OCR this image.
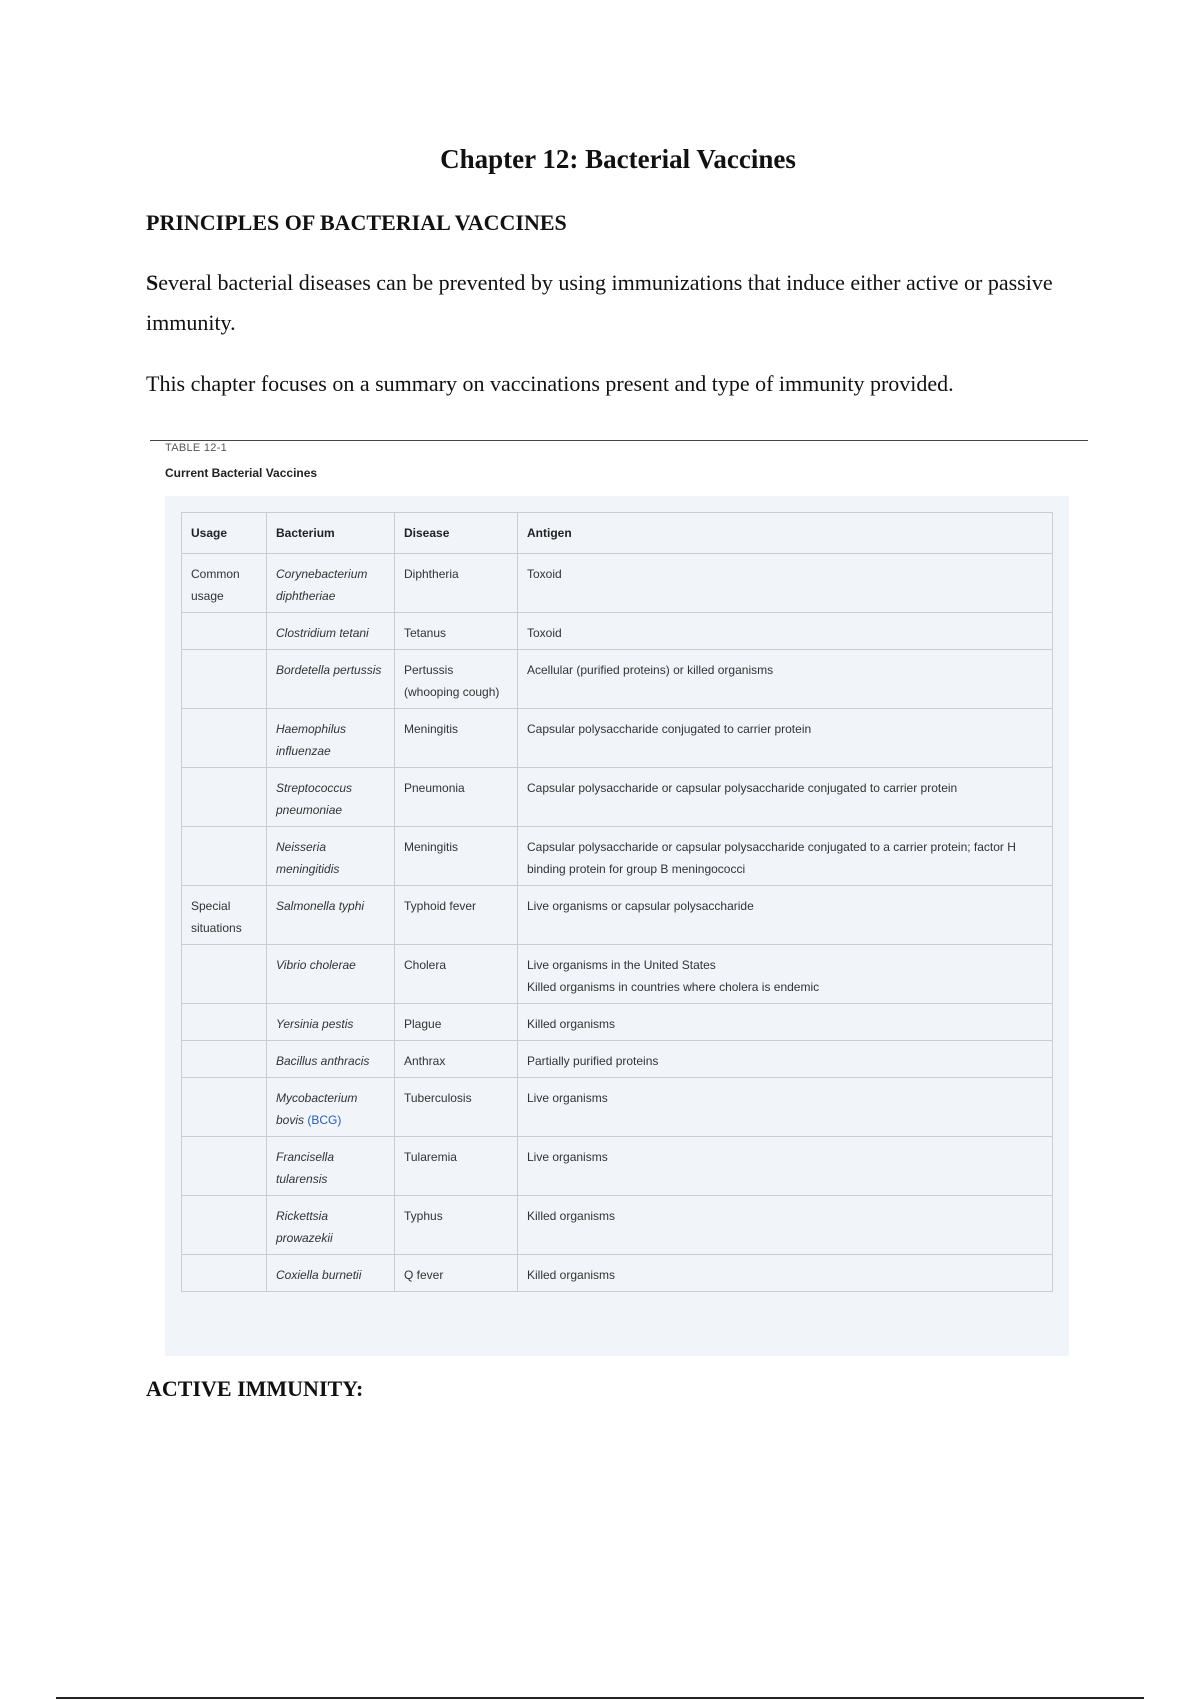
Chapter 12: Bacterial Vaccines
PRINCIPLES OF BACTERIAL VACCINES

Several bacterial diseases can be prevented by using immunizations that induce either active or passive immunity.

This chapter focuses on a summary on vaccinations present and type of immunity provided.

TABLE 12-1
Current Bacterial Vaccines
Usage	Bacterium	Disease	Antigen
Common usage	Corynebacterium diphtheriae	Diphtheria	Toxoid
	Clostridium tetani	Tetanus	Toxoid
	Bordetella pertussis	Pertussis (whooping cough)	Acellular (purified proteins) or killed organisms
	Haemophilus influenzae	Meningitis	Capsular polysaccharide conjugated to carrier protein
	Streptococcus pneumoniae	Pneumonia	Capsular polysaccharide or capsular polysaccharide conjugated to carrier protein
	Neisseria meningitidis	Meningitis	Capsular polysaccharide or capsular polysaccharide conjugated to a carrier protein; factor H binding protein for group B meningococci
Special situations	Salmonella typhi	Typhoid fever	Live organisms or capsular polysaccharide
	Vibrio cholerae	Cholera	Live organisms in the United States
Killed organisms in countries where cholera is endemic

	Yersinia pestis	Plague	Killed organisms
	Bacillus anthracis	Anthrax	Partially purified proteins
	Mycobacterium bovis (BCG)	Tuberculosis	Live organisms
	Francisella tularensis	Tularemia	Live organisms
	Rickettsia prowazekii	Typhus	Killed organisms
	Coxiella burnetii	Q fever	Killed organisms
ACTIVE IMMUNITY:
